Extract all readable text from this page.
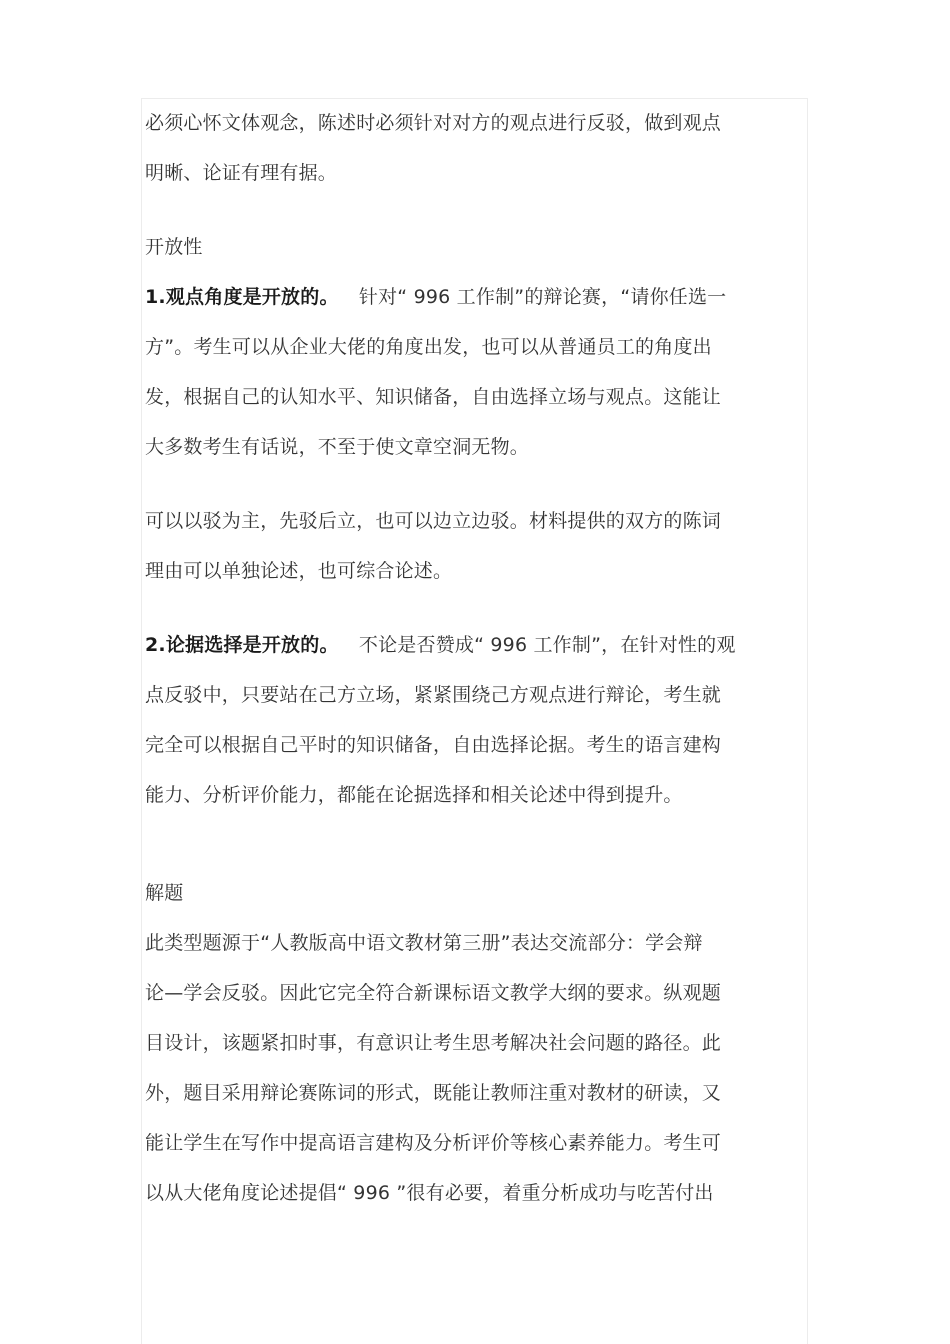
必须心怀文体观念，陈述时必须针对对方的观点进行反驳，做到观点
明晰、论证有理有据。
开放性
1.观点角度是开放的。 针对“ 996 工作制”的辩论赛，“请你任选一
方”。考生可以从企业大佬的角度出发，也可以从普通员工的角度出
发，根据自己的认知水平、知识储备，自由选择立场与观点。这能让
大多数考生有话说，不至于使文章空洞无物。
可以以驳为主，先驳后立，也可以边立边驳。材料提供的双方的陈词
理由可以单独论述，也可综合论述。
2.论据选择是开放的。 不论是否赞成“ 996 工作制”，在针对性的观
点反驳中，只要站在己方立场，紧紧围绕己方观点进行辩论，考生就
完全可以根据自己平时的知识储备，自由选择论据。考生的语言建构
能力、分析评价能力，都能在论据选择和相关论述中得到提升。
解题
此类型题源于“人教版高中语文教材第三册”表达交流部分：学会辩
论—学会反驳。因此它完全符合新课标语文教学大纲的要求。纵观题
目设计，该题紧扣时事，有意识让考生思考解决社会问题的路径。此
外，题目采用辩论赛陈词的形式，既能让教师注重对教材的研读，又
能让学生在写作中提高语言建构及分析评价等核心素养能力。考生可
以从大佬角度论述提倡“ 996 ”很有必要，着重分析成功与吃苦付出
